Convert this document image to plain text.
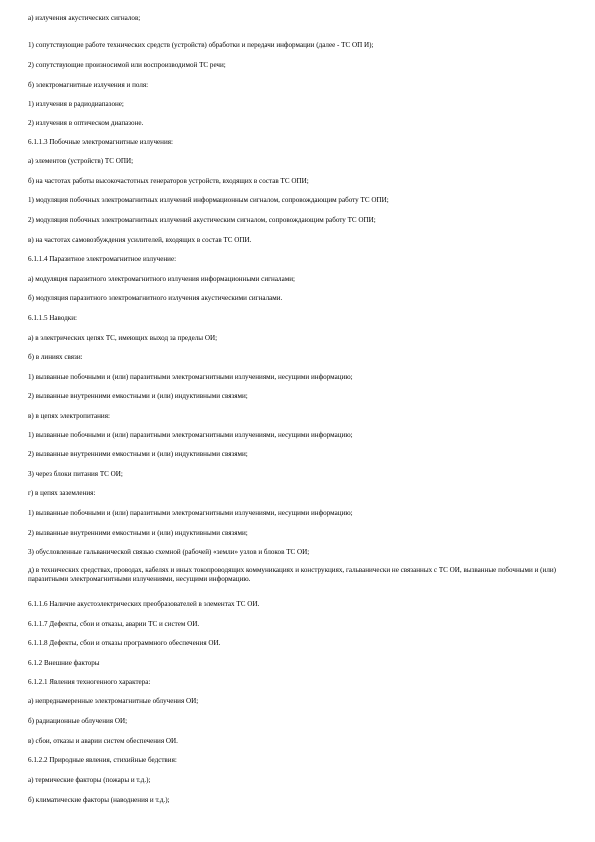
а) излучения акустических сигналов;
1) сопутствующие работе технических средств (устройств) обработки и передачи информации (далее - ТС ОП И);
2) сопутствующие произносимой или воспроизводимой ТС речи;
б) электромагнитные излучения и поля:
1) излучения в радиодиапазоне;
2) излучения в оптическом диапазоне.
6.1.1.3 Побочные электромагнитные излучения:
а) элементов (устройств) ТС ОПИ;
б) на частотах работы высокочастотных генераторов устройств, входящих в состав ТС ОПИ;
1) модуляция побочных электромагнитных излучений информационным сигналом, сопровождающим работу ТС ОПИ;
2) модуляция побочных электромагнитных излучений акустическим сигналом, сопровождающим работу ТС ОПИ;
в) на частотах самовозбуждения усилителей, входящих в состав ТС ОПИ.
6.1.1.4 Паразитное электромагнитное излучение:
а) модуляция паразитного электромагнитного излучения информационными сигналами;
б) модуляция паразитного электромагнитного излучения акустическими сигналами.
6.1.1.5 Наводки:
а) в электрических цепях ТС, имеющих выход за пределы ОИ;
б) в линиях связи:
1) вызванные побочными и (или) паразитными электромагнитными излучениями, несущими информацию;
2) вызванные внутренними емкостными и (или) индуктивными связями;
в) в цепях электропитания:
1) вызванные побочными и (или) паразитными электромагнитными излучениями, несущими информацию;
2) вызванные внутренними емкостными и (или) индуктивными связями;
3) через блоки питания ТС ОИ;
г) в цепях заземления:
1) вызванные побочными и (или) паразитными электромагнитными излучениями, несущими информацию;
2) вызванные внутренними емкостными и (или) индуктивными связями;
3) обусловленные гальванической связью схемной (рабочей) «земли» узлов и блоков ТС ОИ;
д) в технических средствах, проводах, кабелях и иных токопроводящих коммуникациях и конструкциях, гальванически не связанных с ТС ОИ, вызванные побочными и (или) паразитными электромагнитными излучениями, несущими информацию.
6.1.1.6 Наличие акустоэлектрических преобразователей в элементах ТС ОИ.
6.1.1.7 Дефекты, сбои и отказы, аварии ТС и систем ОИ.
6.1.1.8 Дефекты, сбои и отказы программного обеспечения ОИ.
6.1.2 Внешние факторы
6.1.2.1 Явления техногенного характера:
а) непреднамеренные электромагнитные облучения ОИ;
б) радиационные облучения ОИ;
в) сбои, отказы и аварии систем обеспечения ОИ.
6.1.2.2 Природные явления, стихийные бедствия:
а) термические факторы (пожары и т.д.);
б) климатические факторы (наводнения и т.д.);
